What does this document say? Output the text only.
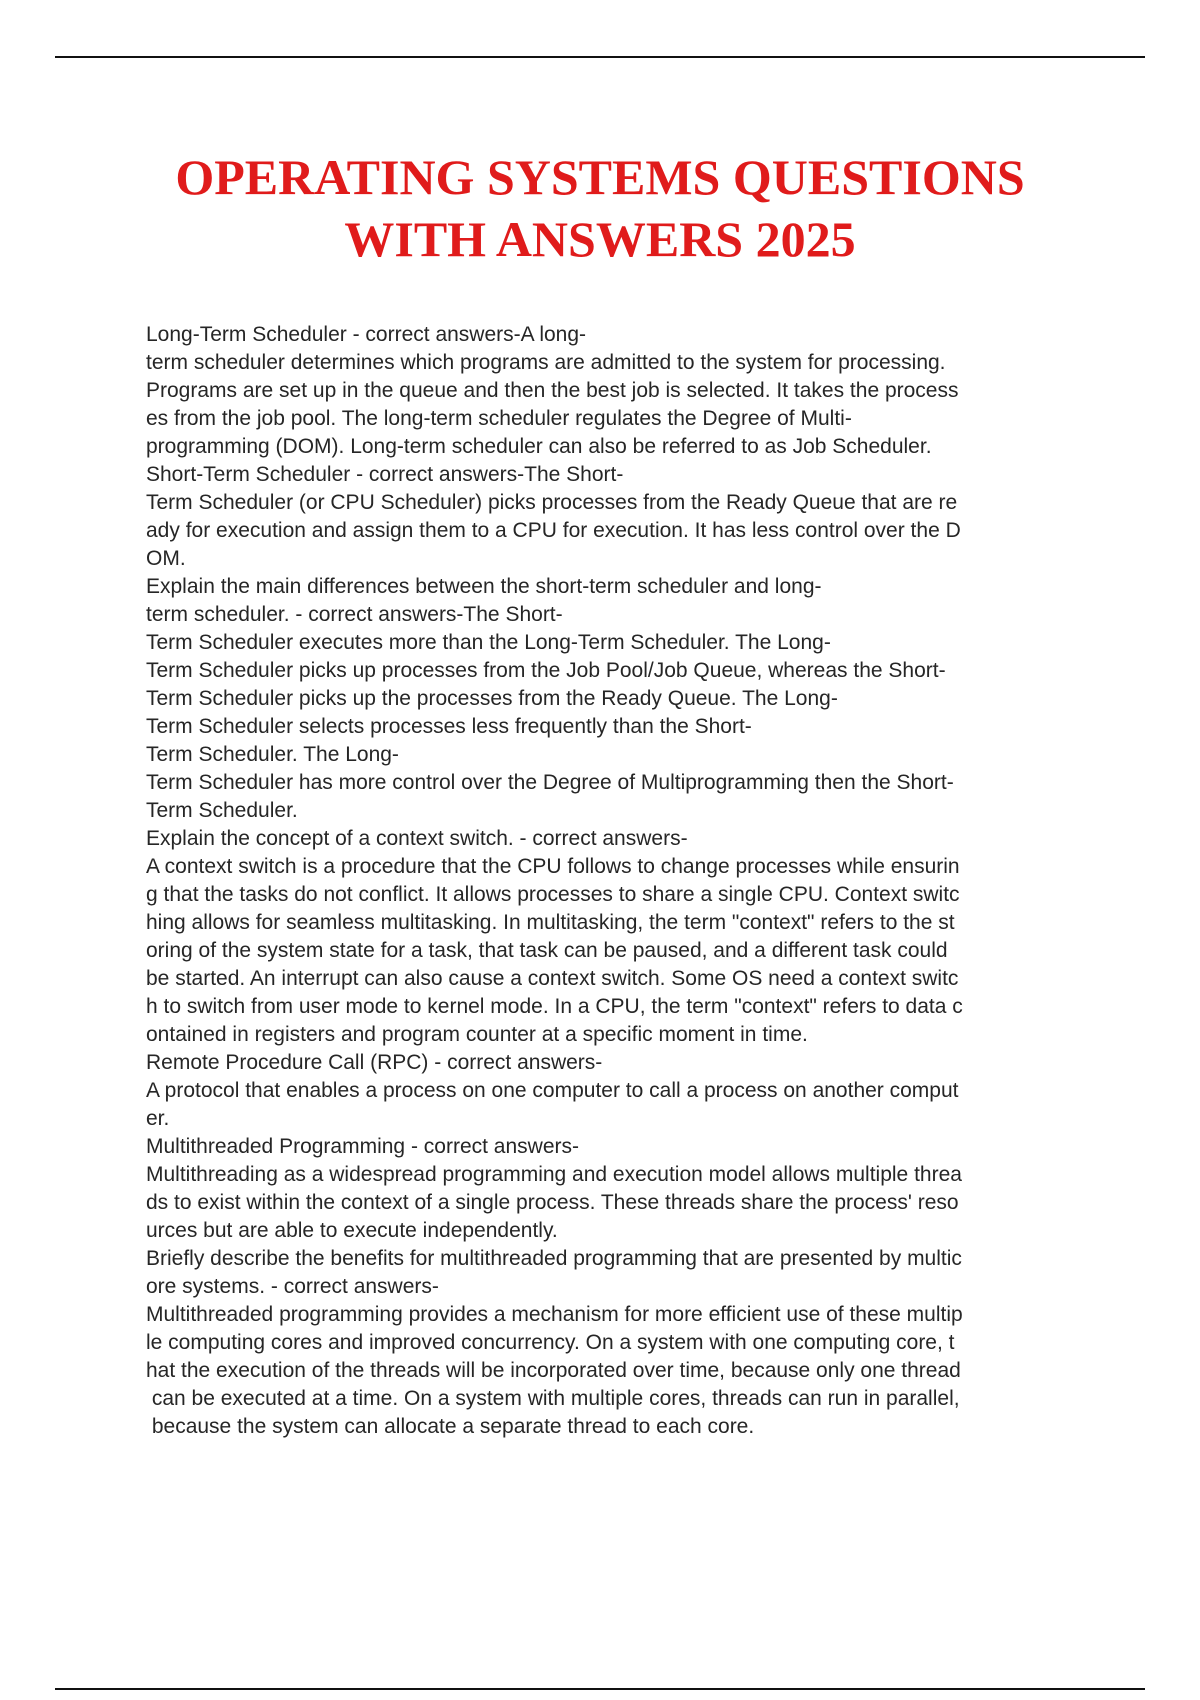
OPERATING SYSTEMS QUESTIONS
WITH ANSWERS 2025
Long-Term Scheduler - correct answers-A long-
term scheduler determines which programs are admitted to the system for processing.
Programs are set up in the queue and then the best job is selected. It takes the process
es from the job pool. The long-term scheduler regulates the Degree of Multi-
programming (DOM). Long-term scheduler can also be referred to as Job Scheduler.
Short-Term Scheduler - correct answers-The Short-
Term Scheduler (or CPU Scheduler) picks processes from the Ready Queue that are re
ady for execution and assign them to a CPU for execution. It has less control over the D
OM.
Explain the main differences between the short-term scheduler and long-
term scheduler. - correct answers-The Short-
Term Scheduler executes more than the Long-Term Scheduler. The Long-
Term Scheduler picks up processes from the Job Pool/Job Queue, whereas the Short-
Term Scheduler picks up the processes from the Ready Queue. The Long-
Term Scheduler selects processes less frequently than the Short-
Term Scheduler. The Long-
Term Scheduler has more control over the Degree of Multiprogramming then the Short-
Term Scheduler.
Explain the concept of a context switch. - correct answers-
A context switch is a procedure that the CPU follows to change processes while ensurin
g that the tasks do not conflict. It allows processes to share a single CPU. Context switc
hing allows for seamless multitasking. In multitasking, the term "context" refers to the st
oring of the system state for a task, that task can be paused, and a different task could
be started. An interrupt can also cause a context switch. Some OS need a context switc
h to switch from user mode to kernel mode. In a CPU, the term "context" refers to data c
ontained in registers and program counter at a specific moment in time.
Remote Procedure Call (RPC) - correct answers-
A protocol that enables a process on one computer to call a process on another comput
er.
Multithreaded Programming - correct answers-
Multithreading as a widespread programming and execution model allows multiple threa
ds to exist within the context of a single process. These threads share the process' reso
urces but are able to execute independently.
Briefly describe the benefits for multithreaded programming that are presented by multic
ore systems. - correct answers-
Multithreaded programming provides a mechanism for more efficient use of these multip
le computing cores and improved concurrency. On a system with one computing core, t
hat the execution of the threads will be incorporated over time, because only one thread
can be executed at a time. On a system with multiple cores, threads can run in parallel,
because the system can allocate a separate thread to each core.
